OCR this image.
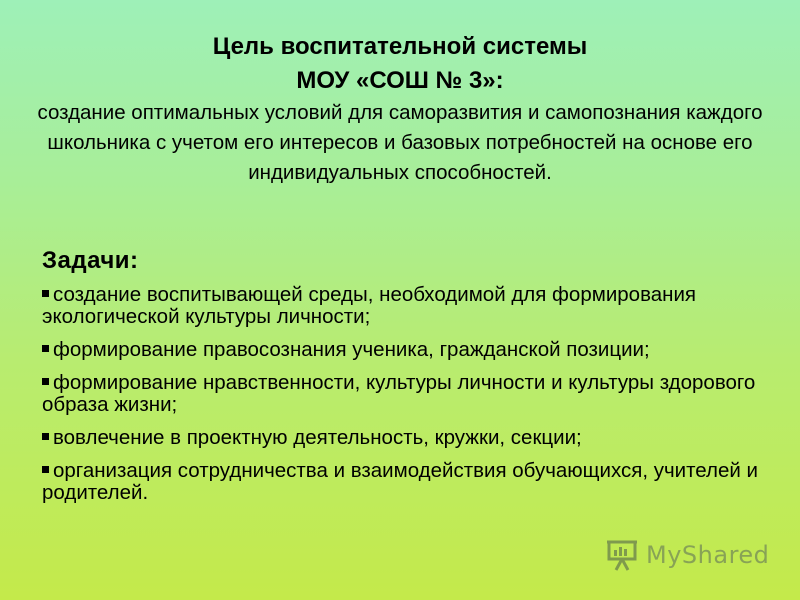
Цель воспитательной системы

МОУ «СОШ № 3»:

создание оптимальных условий для саморазвития и самопознания каждого школьника с учетом его интересов и базовых потребностей на основе его индивидуальных способностей.

Задачи:

создание воспитывающей среды, необходимой для формирования экологической культуры личности;
формирование правосознания ученика, гражданской позиции;
формирование нравственности, культуры личности и культуры здорового образа жизни;
вовлечение в проектную деятельность, кружки, секции;
организация сотрудничества и взаимодействия обучающихся, учителей и родителей.
MyShared
